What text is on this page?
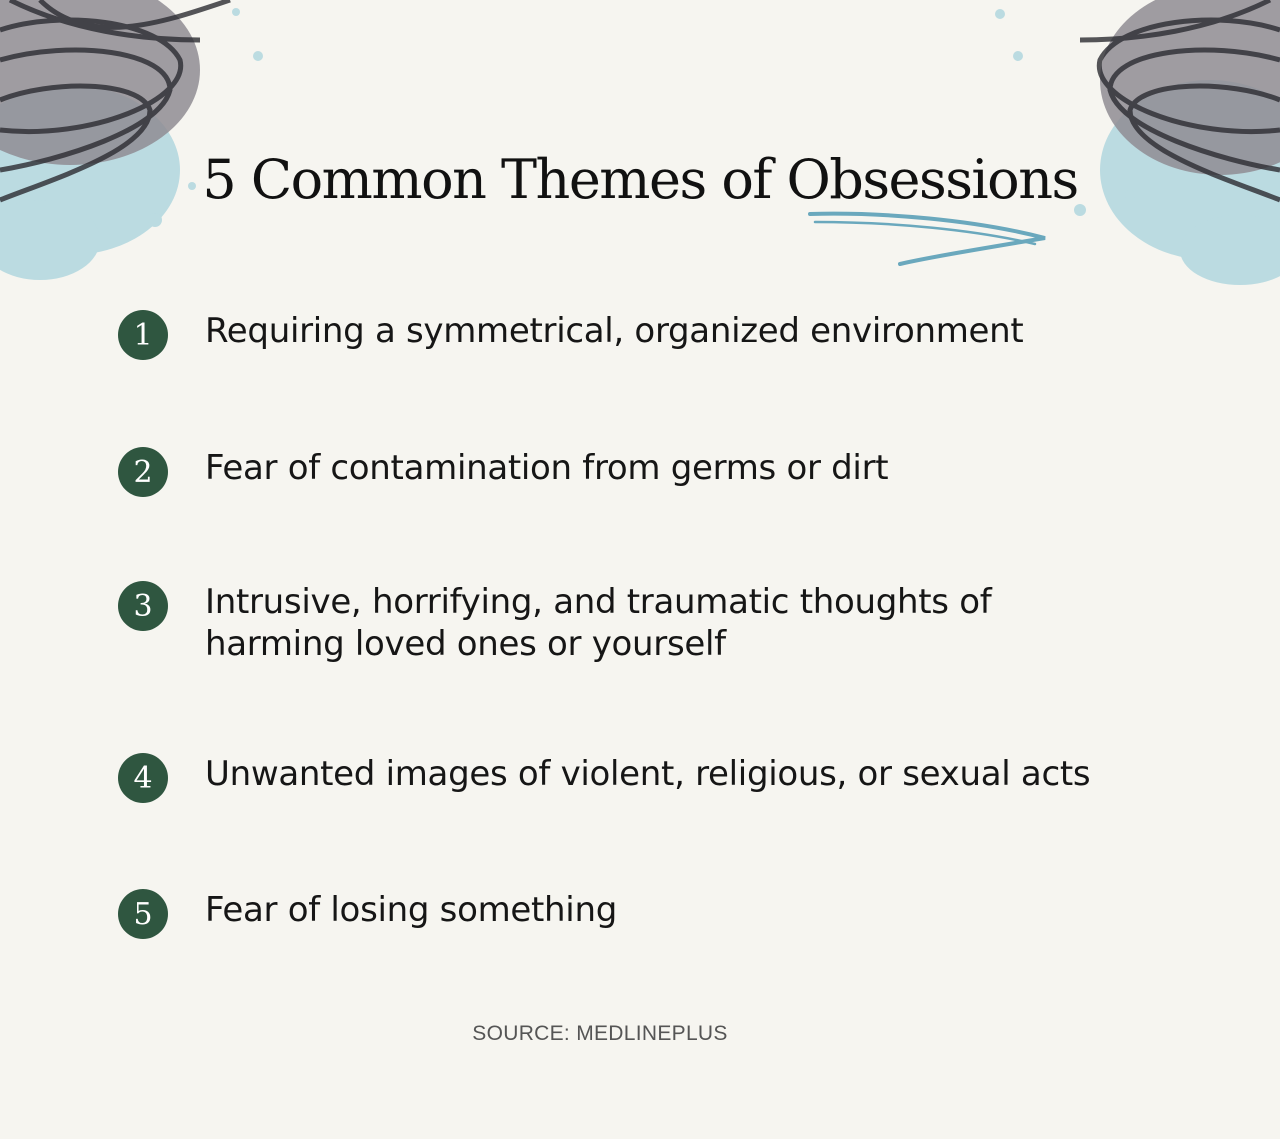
5 Common Themes of Obsessions
1	Requiring a symmetrical, organized environment
2	Fear of contamination from germs or dirt
3	Intrusive, horrifying, and traumatic thoughts of harming loved ones or yourself
4	Unwanted images of violent, religious, or sexual acts
5	Fear of losing something
SOURCE: MEDLINEPLUS
